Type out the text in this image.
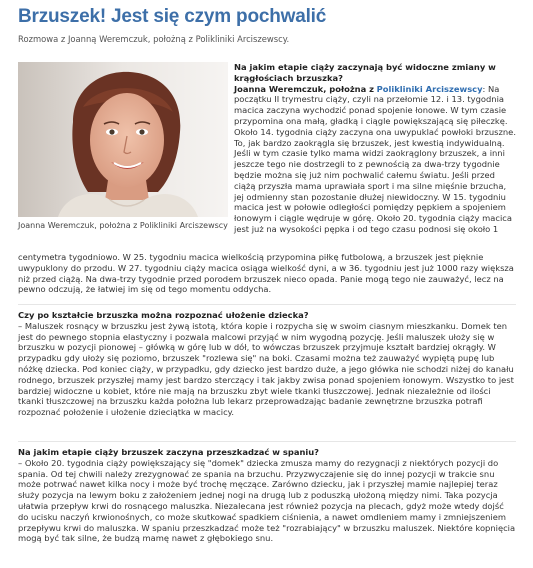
Brzuszek! Jest się czym pochwalić
Rozmowa z Joanną Weremczuk, położną z Polikliniki Arciszewscy.
Joanna Weremczuk, położna z Polikliniki Arciszewscy
Na jakim etapie ciąży zaczynają być widoczne zmiany w krągłościach brzuszka?
Joanna Weremczuk, położna z Polikliniki Arciszewscy: Na początku II trymestru ciąży, czyli na przełomie 12. i 13. tygodnia macica zaczyna wychodzić ponad spojenie łonowe. W tym czasie przypomina ona małą, gładką i ciągle powiększającą się piłeczkę. Około 14. tygodnia ciąży zaczyna ona uwypuklać powłoki brzuszne. To, jak bardzo zaokrągla się brzuszek, jest kwestią indywidualną. Jeśli w tym czasie tylko mama widzi zaokrąglony brzuszek, a inni jeszcze tego nie dostrzegli to z pewnością za dwa-trzy tygodnie będzie można się już nim pochwalić całemu światu. Jeśli przed ciążą przyszła mama uprawiała sport i ma silne mięśnie brzucha, jej odmienny stan pozostanie dłużej niewidoczny. W 15. tygodniu macica jest w połowie odległości pomiędzy pępkiem a spojeniem łonowym i ciągle wędruje w górę. Około 20. tygodnia ciąży macica jest już na wysokości pępka i od tego czasu podnosi się około 1
centymetra tygodniowo. W 25. tygodniu macica wielkością przypomina piłkę futbolową, a brzuszek jest pięknie uwypuklony do przodu. W 27. tygodniu ciąży macica osiąga wielkość dyni, a w 36. tygodniu jest już 1000 razy większa niż przed ciążą. Na dwa-trzy tygodnie przed porodem brzuszek nieco opada. Panie mogą tego nie zauważyć, lecz na pewno odczują, że łatwiej im się od tego momentu oddycha.
Czy po kształcie brzuszka można rozpoznać ułożenie dziecka?
– Maluszek rosnący w brzuszku jest żywą istotą, która kopie i rozpycha się w swoim ciasnym mieszkanku. Domek ten jest do pewnego stopnia elastyczny i pozwala malcowi przyjąć w nim wygodną pozycję. Jeśli maluszek ułoży się w brzuszku w pozycji pionowej – główką w górę lub w dół, to wówczas brzuszek przyjmuje kształt bardziej okrągły. W przypadku gdy ułoży się poziomo, brzuszek "rozlewa się" na boki. Czasami można też zauważyć wypiętą pupę lub nóżkę dziecka. Pod koniec ciąży, w przypadku, gdy dziecko jest bardzo duże, a jego główka nie schodzi niżej do kanału rodnego, brzuszek przyszłej mamy jest bardzo sterczący i tak jakby zwisa ponad spojeniem łonowym. Wszystko to jest bardziej widoczne u kobiet, które nie mają na brzuszku zbyt wiele tkanki tłuszczowej. Jednak niezależnie od ilości tkanki tłuszczowej na brzuszku każda położna lub lekarz przeprowadzając badanie zewnętrzne brzuszka potrafi rozpoznać położenie i ułożenie dzieciątka w macicy.
Na jakim etapie ciąży brzuszek zaczyna przeszkadzać w spaniu?
– Około 20. tygodnia ciąży powiększający się "domek" dziecka zmusza mamy do rezygnacji z niektórych pozycji do spania. Od tej chwili należy zrezygnować ze spania na brzuchu. Przyzwyczajenie się do innej pozycji w trakcie snu może potrwać nawet kilka nocy i może być trochę męczące. Zarówno dziecku, jak i przyszłej mamie najlepiej teraz służy pozycja na lewym boku z założeniem jednej nogi na drugą lub z poduszką ułożoną między nimi. Taka pozycja ułatwia przepływ krwi do rosnącego maluszka. Niezalecana jest również pozycja na plecach, gdyż może wtedy dojść do ucisku naczyń krwionośnych, co może skutkować spadkiem ciśnienia, a nawet omdleniem mamy i zmniejszeniem przepływu krwi do maluszka. W spaniu przeszkadzać może też "rozrabiający" w brzuszku maluszek. Niektóre kopnięcia mogą być tak silne, że budzą mamę nawet z głębokiego snu.
